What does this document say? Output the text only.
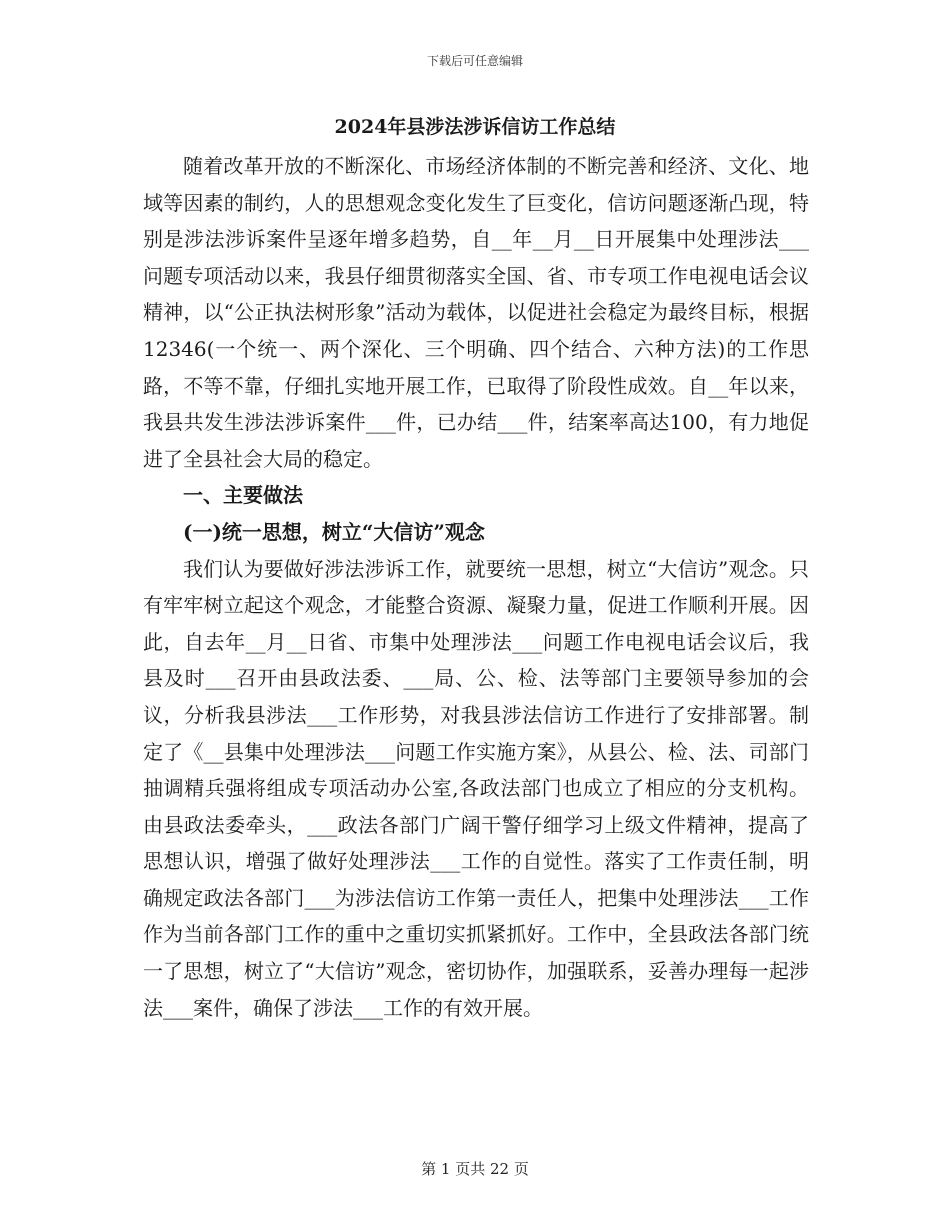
下载后可任意编辑
2024年县涉法涉诉信访工作总结

随着改革开放的不断深化、市场经济体制的不断完善和经济、文化、地域等因素的制约，人的思想观念变化发生了巨变化，信访问题逐渐凸现，特别是涉法涉诉案件呈逐年增多趋势，自__年__月__日开展集中处理涉法___问题专项活动以来，我县仔细贯彻落实全国、省、市专项工作电视电话会议精神，以“公正执法树形象”活动为载体，以促进社会稳定为最终目标，根据12346(一个统一、两个深化、三个明确、四个结合、六种方法)的工作思路，不等不靠，仔细扎实地开展工作，已取得了阶段性成效。自__年以来，我县共发生涉法涉诉案件___件，已办结___件，结案率高达100，有力地促进了全县社会大局的稳定。

一、主要做法

(一)统一思想，树立“大信访”观念

我们认为要做好涉法涉诉工作，就要统一思想，树立“大信访”观念。只有牢牢树立起这个观念，才能整合资源、凝聚力量，促进工作顺利开展。因此，自去年__月__日省、市集中处理涉法___问题工作电视电话会议后，我县及时___召开由县政法委、___局、公、检、法等部门主要领导参加的会议，分析我县涉法___工作形势，对我县涉法信访工作进行了安排部署。制定了《__县集中处理涉法___问题工作实施方案》，从县公、检、法、司部门抽调精兵强将组成专项活动办公室,各政法部门也成立了相应的分支机构。由县政法委牵头，___政法各部门广阔干警仔细学习上级文件精神，提高了思想认识，增强了做好处理涉法___工作的自觉性。落实了工作责任制，明确规定政法各部门___为涉法信访工作第一责任人，把集中处理涉法___工作作为当前各部门工作的重中之重切实抓紧抓好。工作中，全县政法各部门统一了思想，树立了“大信访”观念，密切协作，加强联系，妥善办理每一起涉法___案件，确保了涉法___工作的有效开展。

第 1 页共 22 页
